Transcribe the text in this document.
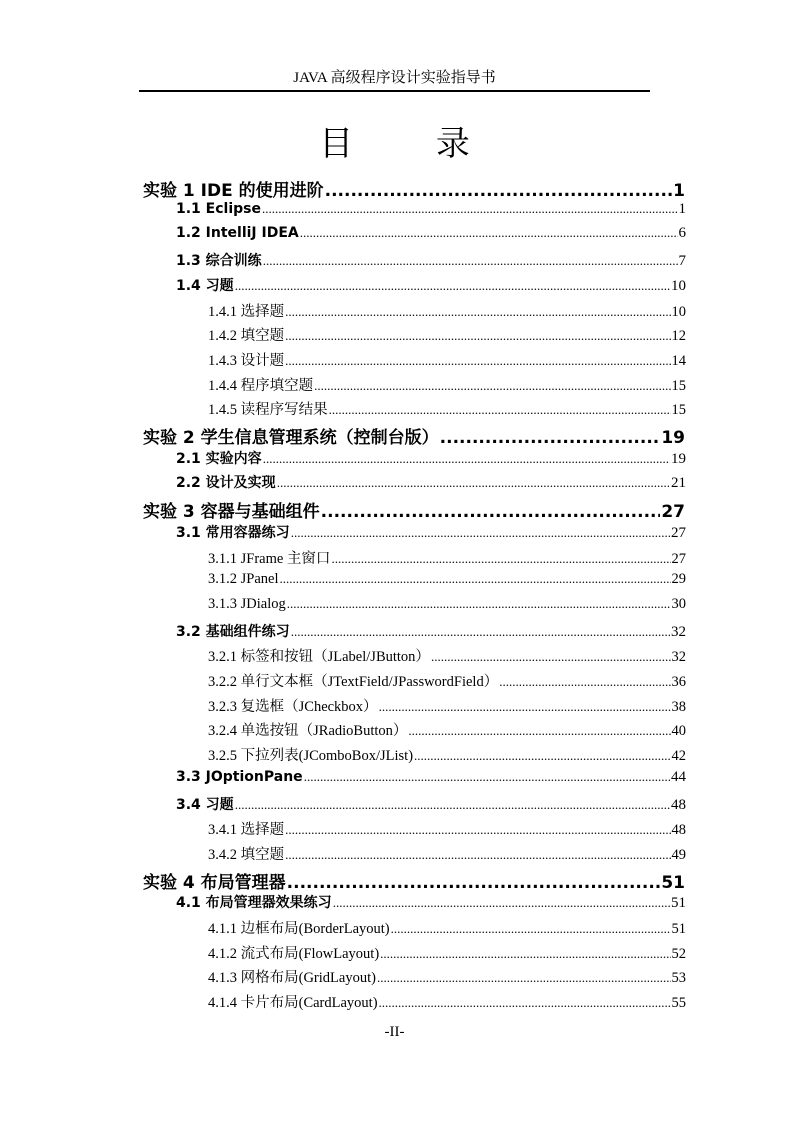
JAVA 高级程序设计实验指导书
目 录
实验 1 IDE 的使用进阶 .....	1
1.1 Eclipse .....	1
1.2 IntelliJ IDEA .....	6
1.3 综合训练 .....	7
1.4 习题 .....	10
1.4.1 选择题 .....	10
1.4.2 填空题 .....	12
1.4.3 设计题 .....	14
1.4.4 程序填空题 .....	15
1.4.5 读程序写结果 .....	15
实验 2 学生信息管理系统（控制台版） .....	19
2.1 实验内容 .....	19
2.2 设计及实现 .....	21
实验 3 容器与基础组件 .....	27
3.1 常用容器练习 .....	27
3.1.1 JFrame 主窗口 .....	27
3.1.2 JPanel .....	29
3.1.3 JDialog .....	30
3.2 基础组件练习 .....	32
3.2.1 标签和按钮（JLabel/JButton） .....	32
3.2.2 单行文本框（JTextField/JPasswordField） .....	36
3.2.3 复选框（JCheckbox） .....	38
3.2.4 单选按钮（JRadioButton） .....	40
3.2.5 下拉列表(JComboBox/JList) .....	42
3.3 JOptionPane .....	44
3.4 习题 .....	48
3.4.1 选择题 .....	48
3.4.2 填空题 .....	49
实验 4 布局管理器 .....	51
4.1 布局管理器效果练习 .....	51
4.1.1 边框布局(BorderLayout) .....	51
4.1.2 流式布局(FlowLayout) .....	52
4.1.3 网格布局(GridLayout) .....	53
4.1.4 卡片布局(CardLayout) .....	55
-II-
